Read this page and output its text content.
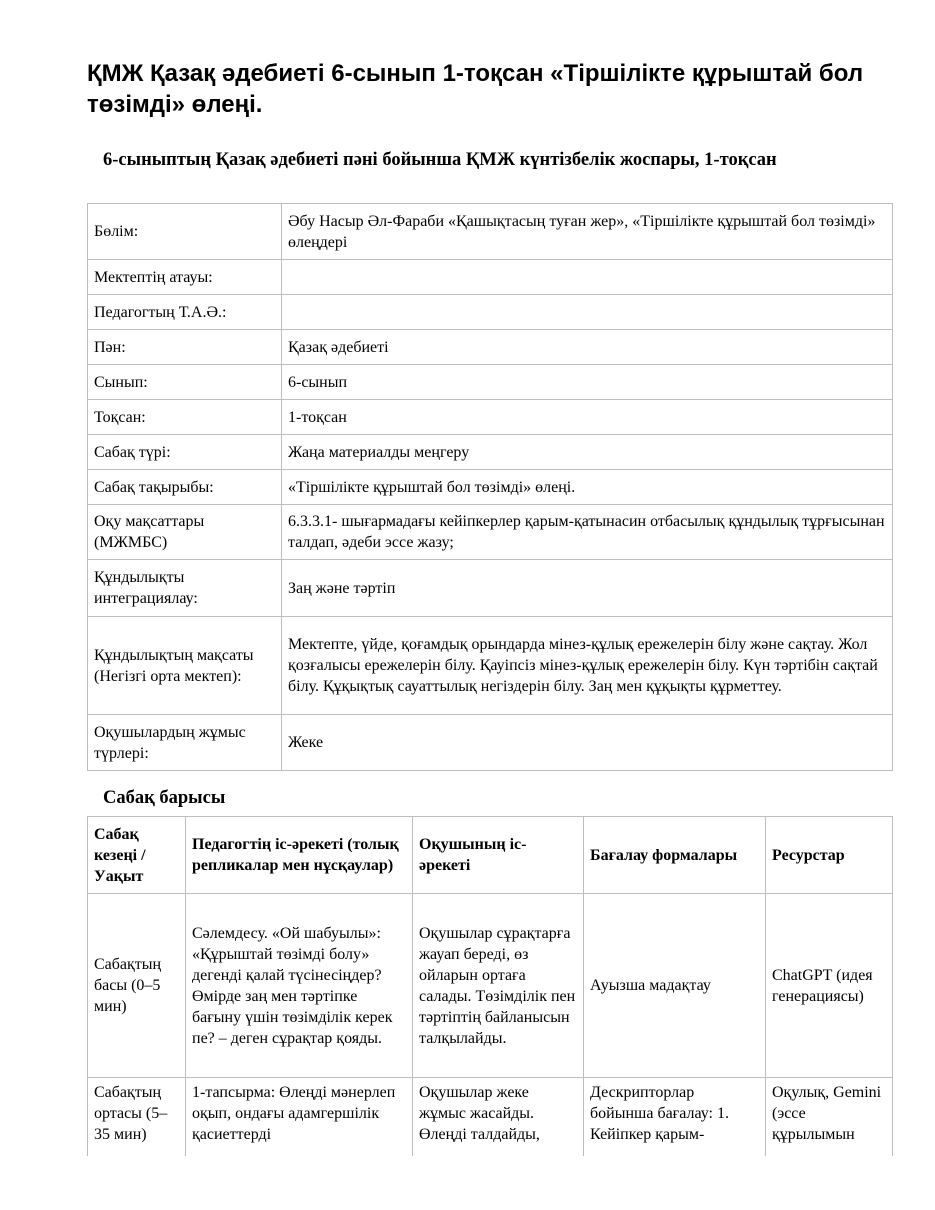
ҚМЖ Қазақ әдебиеті 6-сынып 1-тоқсан «Тіршілікте құрыштай бол төзімді» өлеңі.
6-сыныптың Қазақ әдебиеті пәні бойынша ҚМЖ күнтізбелік жоспары, 1-тоқсан
Бөлім:	Әбу Насыр Әл-Фараби «Қашықтасың туған жер», «Тіршілікте құрыштай бол төзімді» өлеңдері
Мектептің атауы:	
Педагогтың Т.А.Ә.:	
Пән:	Қазақ әдебиеті
Сынып:	6-сынып
Тоқсан:	1-тоқсан
Сабақ түрі:	Жаңа материалды меңгеру
Сабақ тақырыбы:	«Тіршілікте құрыштай бол төзімді» өлеңі.
Оқу мақсаттары (МЖМБС)	6.3.3.1- шығармадағы кейіпкерлер қарым-қатынасин отбасылық құндылық тұрғысынан талдап, әдеби эссе жазу;
Құндылықты интеграциялау:	Заң және тәртіп
Құндылықтың мақсаты (Негізгі орта мектеп):	Мектепте, үйде, қоғамдық орындарда мінез-құлық ережелерін білу және сақтау. Жол қозғалысы ережелерін білу. Қауіпсіз мінез-құлық ережелерін білу. Күн тәртібін сақтай білу. Құқықтық сауаттылық негіздерін білу. Заң мен құқықты құрметтеу.
Оқушылардың жұмыс түрлері:	Жеке
Сабақ барысы
Сабақ кезеңі / Уақыт	Педагогтің іс-әрекеті (толық репликалар мен нұсқаулар)	Оқушының іс-әрекеті	Бағалау формалары	Ресурстар
Сабақтың басы (0–5 мин)	Сәлемдесу. «Ой шабуылы»: «Құрыштай төзімді болу» дегенді қалай түсінесіңдер? Өмірде заң мен тәртіпке бағыну үшін төзімділік керек пе? – деген сұрақтар қояды.	Оқушылар сұрақтарға жауап береді, өз ойларын ортаға салады. Төзімділік пен тәртіптің байланысын талқылайды.	Ауызша мадақтау	ChatGPT (идея генерациясы)
Сабақтың ортасы (5–35 мин)	1-тапсырма: Өлеңді мәнерлеп оқып, ондағы адамгершілік қасиеттерді	Оқушылар жеке жұмыс жасайды. Өлеңді талдайды,	Дескрипторлар бойынша бағалау: 1. Кейіпкер қарым-	Оқулық, Gemini (эссе құрылымын
